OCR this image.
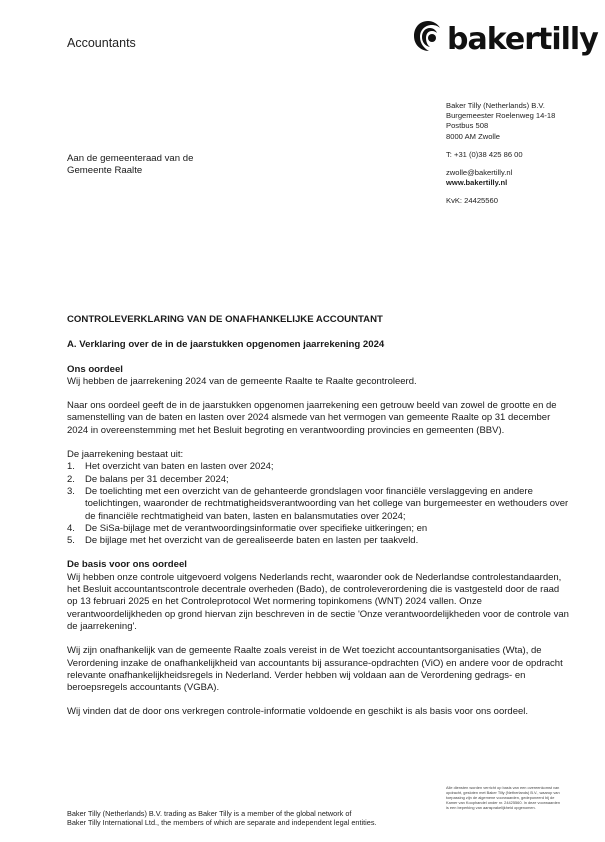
Accountants	bakertilly
Baker Tilly (Netherlands) B.V.
Burgemeester Roelenweg 14-18
Postbus 508
8000 AM Zwolle
T: +31 (0)38 425 86 00
zwolle@bakertilly.nl
www.bakertilly.nl
KvK: 24425560
Aan de gemeenteraad van de
Gemeente Raalte
CONTROLEVERKLARING VAN DE ONAFHANKELIJKE ACCOUNTANT
A. Verklaring over de in de jaarstukken opgenomen jaarrekening 2024
Ons oordeel

Wij hebben de jaarrekening 2024 van de gemeente Raalte te Raalte gecontroleerd.

Naar ons oordeel geeft de in de jaarstukken opgenomen jaarrekening een getrouw beeld van zowel de grootte en de samenstelling van de baten en lasten over 2024 alsmede van het vermogen van gemeente Raalte op 31 december 2024 in overeenstemming met het Besluit begroting en verantwoording provincies en gemeenten (BBV).

De jaarrekening bestaat uit:
1.	Het overzicht van baten en lasten over 2024;
2.	De balans per 31 december 2024;
3.	De toelichting met een overzicht van de gehanteerde grondslagen voor financiële verslaggeving en andere toelichtingen, waaronder de rechtmatigheidsverantwoording van het college van burgemeester en wethouders over de financiële rechtmatigheid van baten, lasten en balansmutaties over 2024;
4.	De SiSa-bijlage met de verantwoordingsinformatie over specifieke uitkeringen; en
5.	De bijlage met het overzicht van de gerealiseerde baten en lasten per taakveld.
De basis voor ons oordeel

Wij hebben onze controle uitgevoerd volgens Nederlands recht, waaronder ook de Nederlandse controlestandaarden, het Besluit accountantscontrole decentrale overheden (Bado), de controleverordening die is vastgesteld door de raad op 13 februari 2025 en het Controleprotocol Wet normering topinkomens (WNT) 2024 vallen. Onze verantwoordelijkheden op grond hiervan zijn beschreven in de sectie 'Onze verantwoordelijkheden voor de controle van de jaarrekening'.

Wij zijn onafhankelijk van de gemeente Raalte zoals vereist in de Wet toezicht accountantsorganisaties (Wta), de Verordening inzake de onafhankelijkheid van accountants bij assurance-opdrachten (ViO) en andere voor de opdracht relevante onafhankelijkheidsregels in Nederland. Verder hebben wij voldaan aan de Verordening gedrags- en beroepsregels accountants (VGBA).

Wij vinden dat de door ons verkregen controle-informatie voldoende en geschikt is als basis voor ons oordeel.

Alle diensten worden verricht op basis van een overeenkomst van opdracht, gesloten met Baker Tilly (Netherlands) B.V., waarop van toepassing zijn de algemene voorwaarden, gedeponeerd bij de Kamer van Koophandel onder nr. 24425560. In deze voorwaarden is een beperking van aansprakelijkheid opgenomen.
Baker Tilly (Netherlands) B.V. trading as Baker Tilly is a member of the global network of
Baker Tilly International Ltd., the members of which are separate and independent legal entities.
